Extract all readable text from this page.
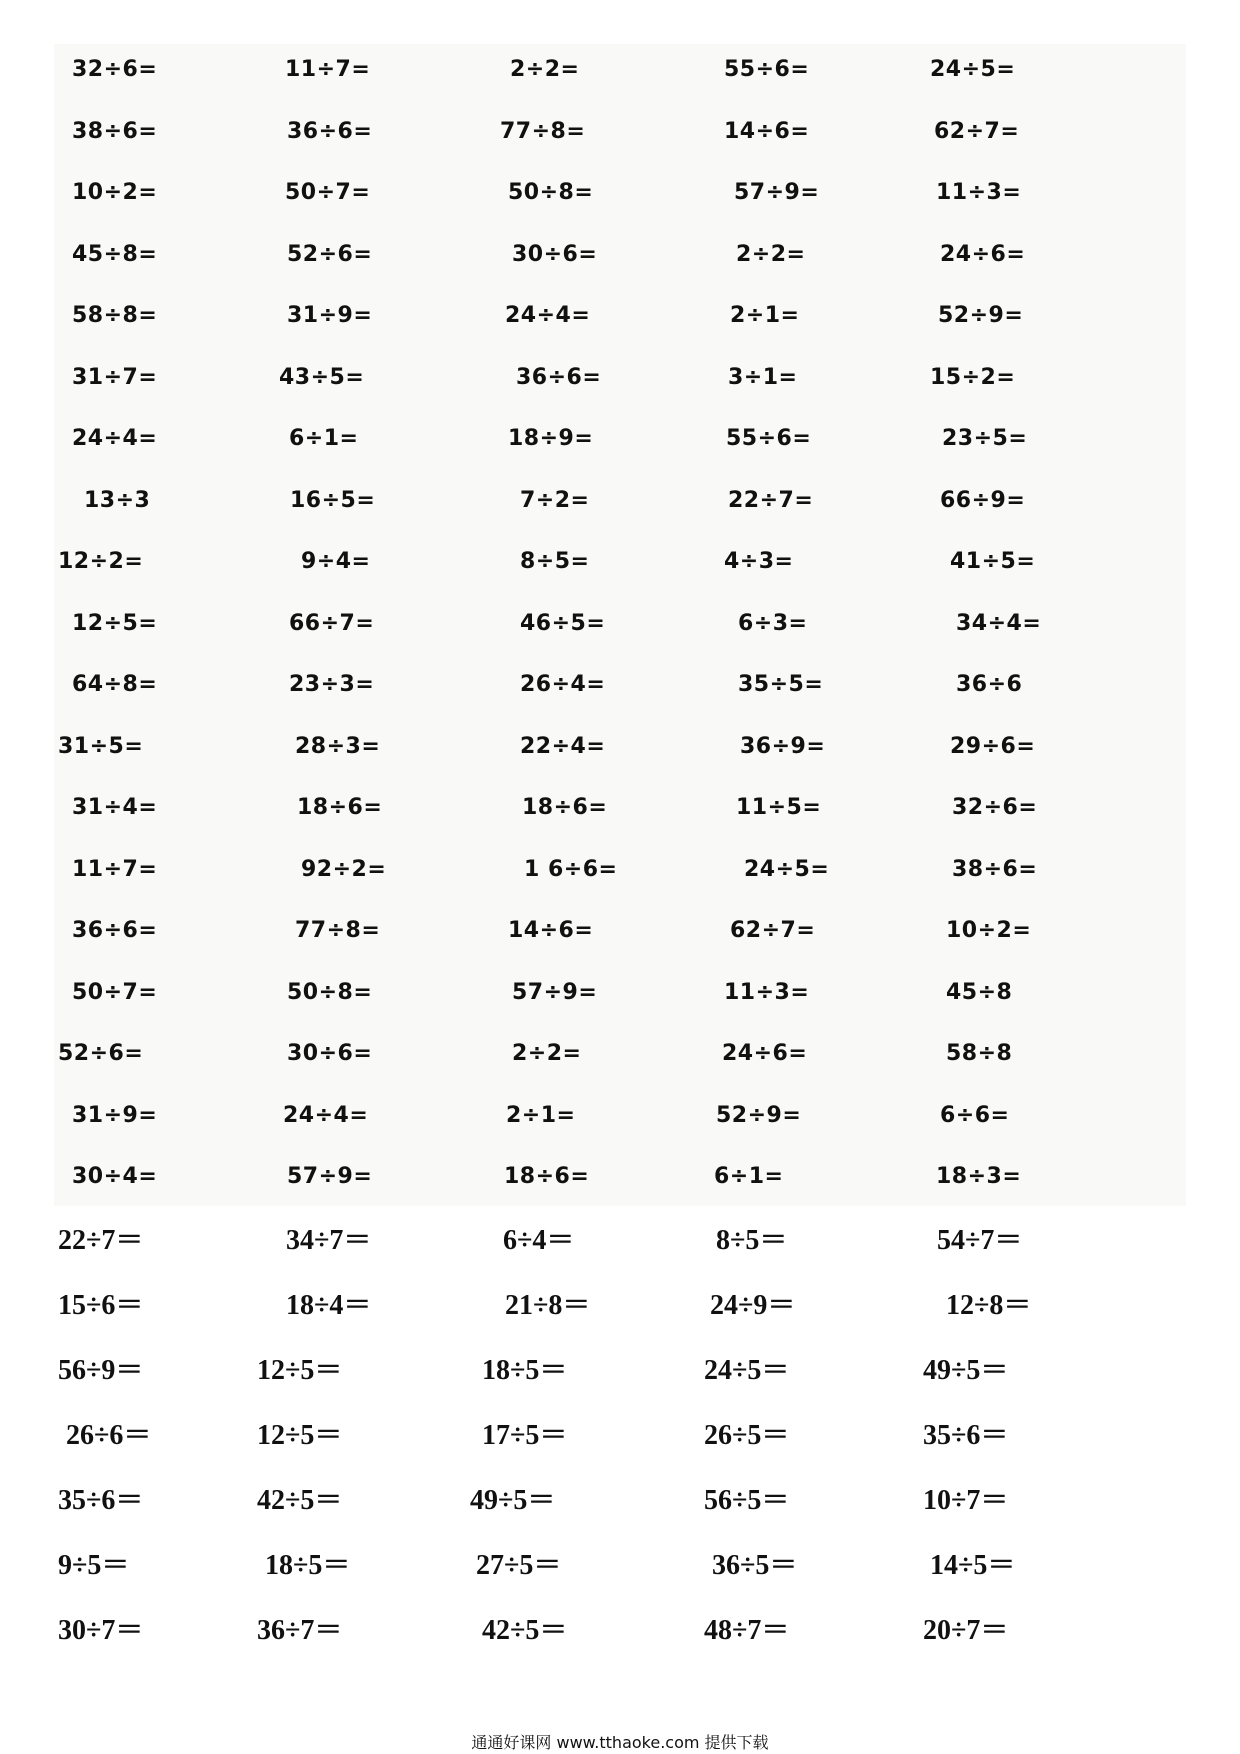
32÷6=	11÷7=	2÷2=	55÷6=	24÷5=
38÷6=	36÷6=	77÷8=	14÷6=	62÷7=
10÷2=	50÷7=	50÷8=	57÷9=	11÷3=
45÷8=	52÷6=	30÷6=	2÷2=	24÷6=
58÷8=	31÷9=	24÷4=	2÷1=	52÷9=
31÷7=	43÷5=	36÷6=	3÷1=	15÷2=
24÷4=	6÷1=	18÷9=	55÷6=	23÷5=
13÷3	16÷5=	7÷2=	22÷7=	66÷9=
12÷2=	9÷4=	8÷5=	4÷3=	41÷5=
12÷5=	66÷7=	46÷5=	6÷3=	34÷4=
64÷8=	23÷3=	26÷4=	35÷5=	36÷6
31÷5=	28÷3=	22÷4=	36÷9=	29÷6=
31÷4=	18÷6=	18÷6=	11÷5=	32÷6=
11÷7=	92÷2=	1 6÷6=	24÷5=	38÷6=
36÷6=	77÷8=	14÷6=	62÷7=	10÷2=
50÷7=	50÷8=	57÷9=	11÷3=	45÷8
52÷6=	30÷6=	2÷2=	24÷6=	58÷8
31÷9=	24÷4=	2÷1=	52÷9=	6÷6=
30÷4=	57÷9=	18÷6=	6÷1=	18÷3=
22÷7＝	34÷7＝	6÷4＝	8÷5＝	54÷7＝
15÷6＝	18÷4＝	21÷8＝	24÷9＝	12÷8＝
56÷9＝	12÷5＝	18÷5＝	24÷5＝	49÷5＝
26÷6＝	12÷5＝	17÷5＝	26÷5＝	35÷6＝
35÷6＝	42÷5＝	49÷5＝	56÷5＝	10÷7＝
9÷5＝	18÷5＝	27÷5＝	36÷5＝	14÷5＝
30÷7＝	36÷7＝	42÷5＝	48÷7＝	20÷7＝
通通好课网 www.tthaoke.com 提供下载
